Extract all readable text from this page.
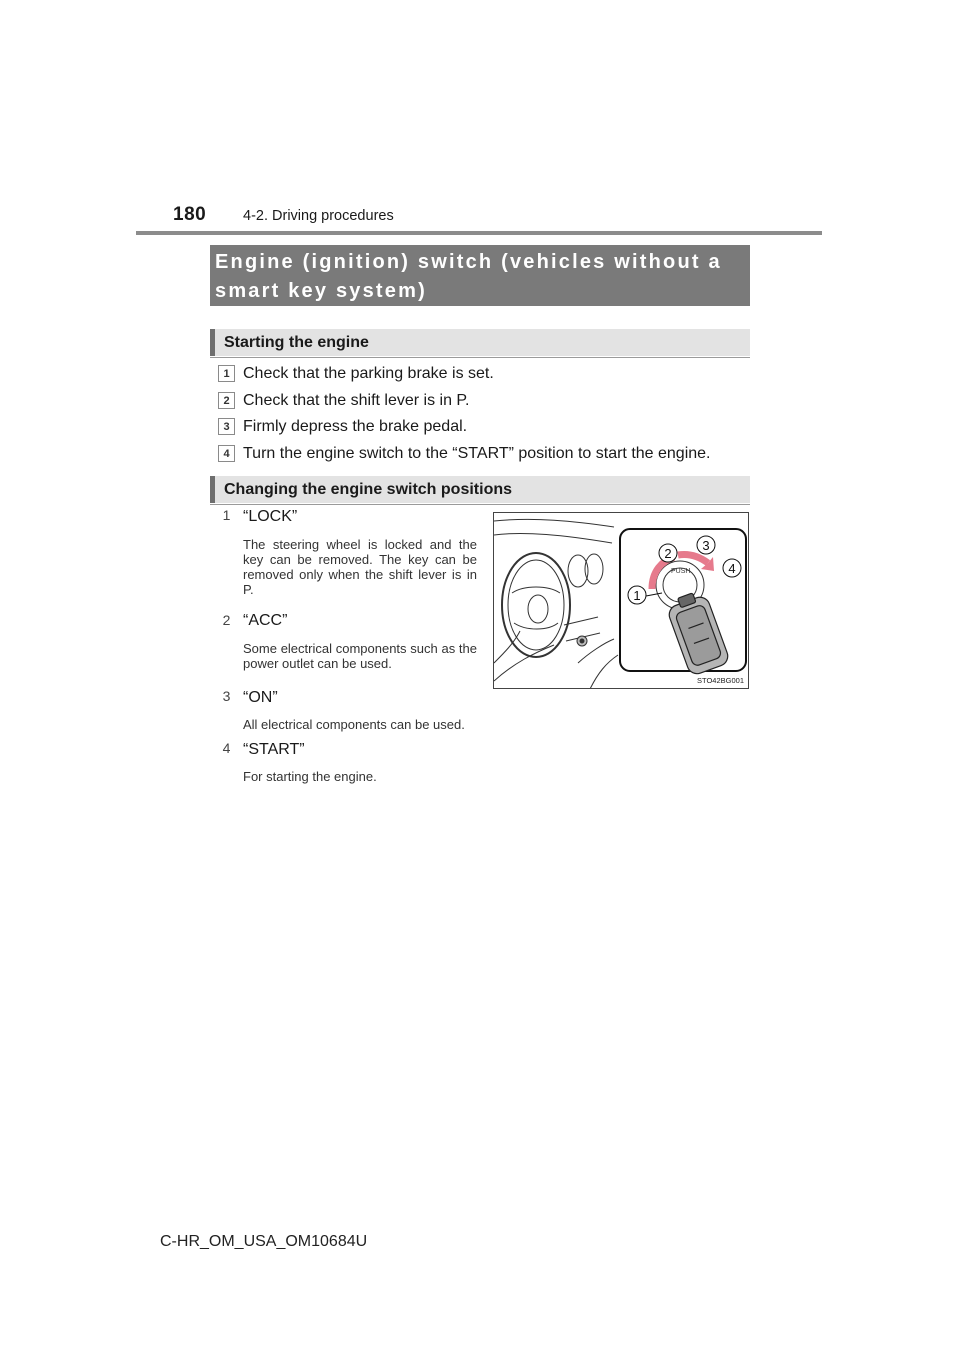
180	4-2. Driving procedures
Engine (ignition) switch (vehicles without a
smart key system)
Starting the engine
1 Check that the parking brake is set.
2 Check that the shift lever is in P.
3 Firmly depress the brake pedal.
4 Turn the engine switch to the “START” position to start the engine.
Changing the engine switch positions
1 “LOCK”
The steering wheel is locked and the key can be removed. The key can be removed only when the shift lever is in P.
2 “ACC”
Some electrical components such as the power outlet can be used.
3 “ON”
All electrical components can be used.
4 “START”
For starting the engine.
PUSH
1
2
3
4
STO42BG001
C-HR_OM_USA_OM10684U
